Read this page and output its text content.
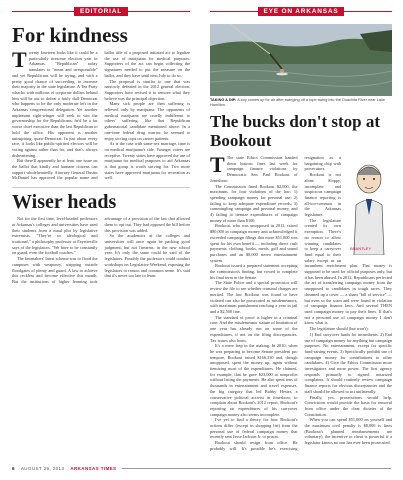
EDITORIAL	EYE ON ARKANSAS
For kindness

Twenty fourteen looks like it could be a particularly tiresome election year in Arkansas. "Republican" today translates to "mean and irresponsible" and yet Republicans will be trying, and with a pretty good chance of succeeding, to increase their majority in the state legislature. A Tea Party whacko with millions of corporate dollars behind him will be out to defeat a fairly dull Democrat who happens to be the only moderate left in the Arkansas congressional delegation. Yet another unpleasant right-winger will seek to win the governorship for the Republicans; he'd be a far worse chief executive than the last Republican to hold the office. His opponent is another uninspiring, quasi-Democrat. In just about every race, it looks like public-spirited electors will be voting against rather than for, and that's always disheartening.

But there'll apparently be at least one issue on the ballot that kindly and humane citizens can support wholeheartedly. Attorney General Dustin McDaniel has approved the popular name and ballot title of a proposed initiated act to legalize the use of marijuana for medical purposes. Supporters of the act can begin collecting the signatures needed to put the measure on the ballot, and they have until next July to do so.

The proposal is similar to one that was narrowly defeated in the 2012 general election. Supporters have revised it to remove what they believe was the principal objection.

Many sick people are then suffering is relieved only by marijuana. The opponents of medical marijuana are cruelly indifferent to others' suffering, like that Republican gubernatorial candidate mentioned above. In a one-time federal drug warrior, he seemed to enjoy siccing cops on cancer patients.

As is the case with same-sex marriage, time is on medical marijuana's side. Younger voters are receptive. Twenty states have approved the use of marijuana for medical purposes to aid Arkansas is that group is worth striving for. Two more states have approved marijuana for recreation as well.

Wiser heads

Not for the first time, level-headed professors at Arkansas's colleges and universities have used their students from a maul plot by legislative extremists. "They're so ideological and irrational," a philosophy professor at Fayetteville says of the legislators. "We have to be constantly on guard, even the football coaches."

The lawmakers' latest scheme was to flood the campuses with weaponry, stripping outside floodgates of plenty and guard. A law to achieve this reckless and become effective this month. But the institutions of higher learning took advantage of a provision of the law that allowed them to opt out. They had opposed the bill before this provision was added.

So the academics at the colleges and universities will once again be packing good judgment, but not firearms, in the new school year. It's only the same could be said of the legislators. Possibly the professors could conduct workshops on Legislative Weekend, exposing the legislators to reason and common sense. It's said that it's never too late to learn.

TAKING A DIP: A boy comes up for air after swinging off a rope swing into the Ouachita River near Lake Hamilton.
The bucks don't stop at Bookout

T The state Ethics Commission handed down historic fines last week for campaign finance violations by Democratic Sen. Paul Bookout of Jonesboro.

The Commission fined Bookout $2,000, the maximum, for four violations of the law: 1) spending campaign money for personal use; 2) failing to keep adequate expenditure records; 3) commingling campaign and personal money, and 4) failing to itemize expenditures of campaign money of more than $100.

Bookout, who was unopposed in 2012, raised $80,000 in campaign money and acknowledged it exceeded campaign filings that more $51,000 was spent for his own benefit — including direct cash payments, clothing, books, meals, golf and sound purchases and an $8,000 stereo entertainment system.

Bookout issued a prepared statement accepting the commission's finding, but vowed to complete his final term in the Senate.

The State Police and a special prosecutor will review the file to see whether criminal charges are merited. The law Bookout was found to have violated can also be prosecuted as misdemeanors, with maximum punishment reaching a year in jail and a $2,500 fine.

The standard of proof is higher in a criminal case. And the misdemeanor statute of limitation of one year has already run on some of the expenditures, if not on the filing discrepancies. Tax issues also loom.

It's a mere leap in the making. In 2010, when he was preparing to become Senate president pro tempore, Bookout raised $166,330 and, though unopposed, spent the money up, again without itemizing most of the expenditures. He claimed, for example, that he gave $23,000 to nonprofits without listing the payments. He also spent tens of thousands in entertainment and travel expenses, the big category that led Bobby Hester, a conservative political activist in Jonesboro, to complain about Bookout's 2012 report. Bookout's reporting on expenditures of his carryover campaign money also seems incomplete.

I've yet to find a theory for how Bookout's actions differ (except in shopping list) from the personal use of federal campaign money that recently sent Jesse Jackson Jr. to prison.

BRANTLEY

Bookout should resign from office. He probably will. It's possible he's exercising resignation as a bargaining chip with prosecutors.

Bookout is not alone. Sloppy, incomplete and suspicious campaign finance reporting is all-too-common in the Arkansas legislature.

The legislature created its own exemption. There's no reason to allow winning candidates to keep a carryover fund equal to their salary except as an incumbent enrichment plan. That money is supposed to be used for official purposes only, but it has been abused. In 2012, Republicans perfected the art of transferring campaign money from the unopposed to candidates in tough races. They dreamed up a cover — a sham "bill of service" — but even so the scam and were found in violation of campaign finance laws. And several THEN used campaign money to pay their fines. If that's not a personal use of campaign money I don't know what is.

The legislature should (but won't):

1) End carryover funds for incumbents. 2) End use of campaign money for anything but campaign purposes. No entertainment, except for specific fund-raising events. 3) Specifically prohibit use of campaign money for contributions to other candidates. 4) Give the Ethics Commission more investigators and more power. The first agency responds primarily to signed, notarized complaints. It should routinely review campaign finance reports for obvious discrepancies and the staff should be allowed to act unilaterally.

Finally, yes, prosecutions would help. Convictions would provide the basis for removal from office under the clear dictates of the Constitution.

When you can spend $51,000 on yourself and the maximum civil penalty is $8,000 is fines (Bookout's planned reimbursements are voluntary), the incentive to cheat is powerful if a legislator knows no one has ever been prosecuted.

6 AUGUST 29, 2013 ARKANSAS TIMES
